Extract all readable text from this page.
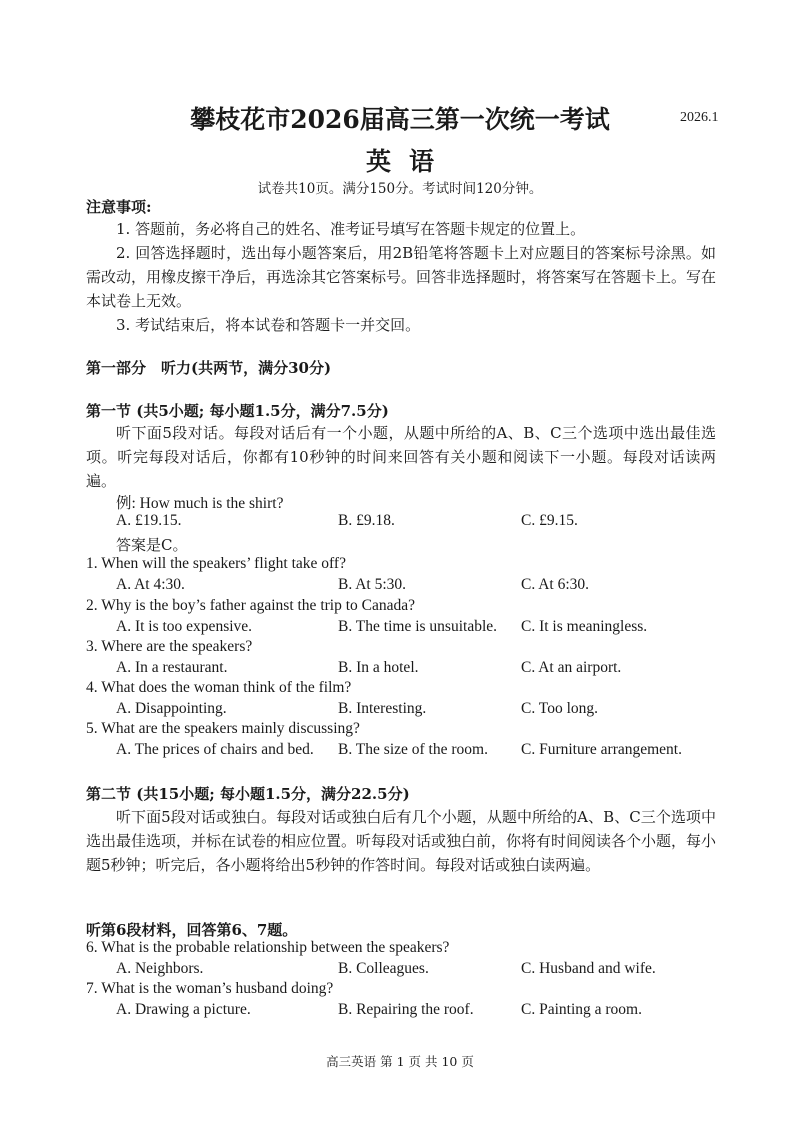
攀枝花市2026届高三第一次统一考试	2026.1
英语
试卷共10页。满分150分。考试时间120分钟。
注意事项:
1. 答题前，务必将自己的姓名、准考证号填写在答题卡规定的位置上。
2. 回答选择题时，选出每小题答案后，用2B铅笔将答题卡上对应题目的答案标号涂黑。如需改动，用橡皮擦干净后，再选涂其它答案标号。回答非选择题时，将答案写在答题卡上。写在本试卷上无效。
3. 考试结束后，将本试卷和答题卡一并交回。
第一部分　听力(共两节，满分30分)
第一节 (共5小题; 每小题1.5分，满分7.5分)
听下面5段对话。每段对话后有一个小题，从题中所给的A、B、C三个选项中选出最佳选项。听完每段对话后，你都有10秒钟的时间来回答有关小题和阅读下一小题。每段对话读两遍。
例: How much is the shirt?
A. £19.15.	B. £9.18.	C. £9.15.
答案是C。
1. When will the speakers’ flight take off?
A. At 4:30.	B. At 5:30.	C. At 6:30.
2. Why is the boy’s father against the trip to Canada?
A. It is too expensive.	B. The time is unsuitable. C. It is meaningless.
3. Where are the speakers?
A. In a restaurant.	B. In a hotel.	C. At an airport.
4. What does the woman think of the film?
A. Disappointing.	B. Interesting.	C. Too long.
5. What are the speakers mainly discussing?
A. The prices of chairs and bed. B. The size of the room. C. Furniture arrangement.
第二节 (共15小题; 每小题1.5分，满分22.5分)
听下面5段对话或独白。每段对话或独白后有几个小题，从题中所给的A、B、C三个选项中选出最佳选项，并标在试卷的相应位置。听每段对话或独白前，你将有时间阅读各个小题，每小题5秒钟；听完后，各小题将给出5秒钟的作答时间。每段对话或独白读两遍。
听第6段材料，回答第6、7题。
6. What is the probable relationship between the speakers?
A. Neighbors.	B. Colleagues.	C. Husband and wife.
7. What is the woman’s husband doing?
A. Drawing a picture.	B. Repairing the roof.	C. Painting a room.
高三英语 第 1 页 共 10 页
